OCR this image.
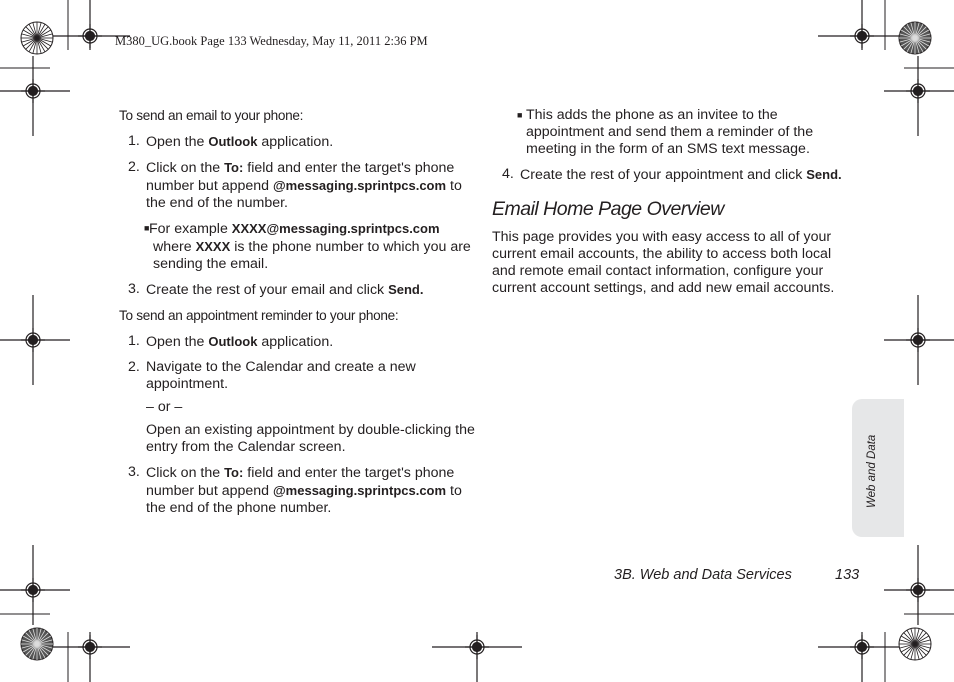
M380_UG.book Page 133 Wednesday, May 11, 2011 2:36 PM

To send an email to your phone:

1. Open the Outlook application.
2. Click on the To: field and enter the target's phone number but append @messaging.sprintpcs.com to the end of the number.
■ For example XXXX@messaging.sprintpcs.com where XXXX is the phone number to which you are sending the email.
3. Create the rest of your email and click Send.

To send an appointment reminder to your phone:

1. Open the Outlook application.
2. Navigate to the Calendar and create a new appointment.
– or –
Open an existing appointment by double-clicking the entry from the Calendar screen.
3. Click on the To: field and enter the target's phone number but append @messaging.sprintpcs.com to the end of the phone number.
■ This adds the phone as an invitee to the appointment and send them a reminder of the meeting in the form of an SMS text message.
4. Create the rest of your appointment and click Send.
Email Home Page Overview

This page provides you with easy access to all of your current email accounts, the ability to access both local and remote email contact information, configure your current account settings, and add new email accounts.

Web and Data
3B. Web and Data Services	133
